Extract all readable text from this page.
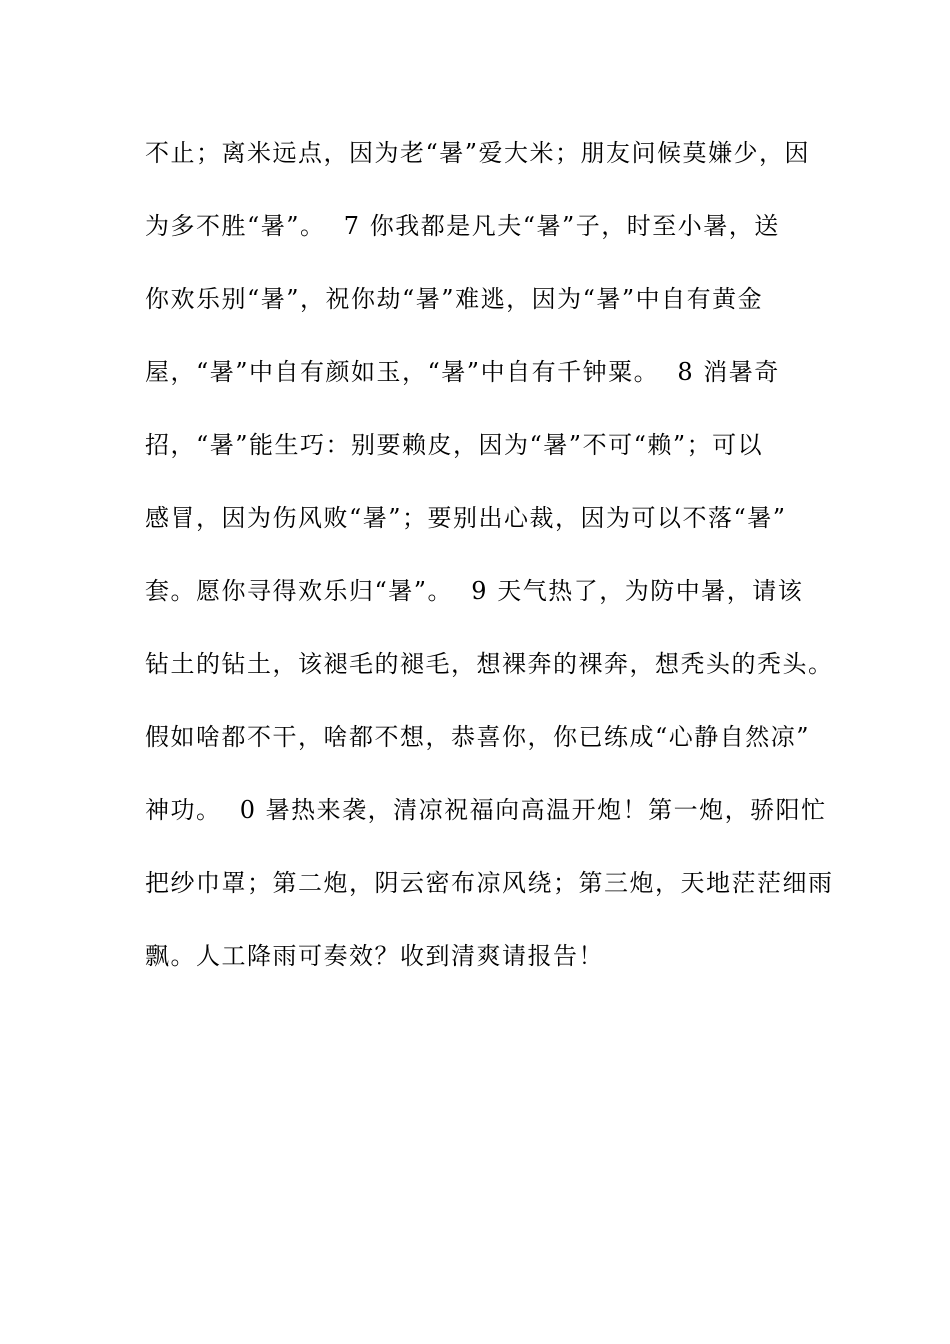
不止；离米远点，因为老“暑”爱大米；朋友问候莫嫌少，因
为多不胜“暑”。  7 你我都是凡夫“暑”子，时至小暑，送
你欢乐别“暑”，祝你劫“暑”难逃，因为“暑”中自有黄金
屋，“暑”中自有颜如玉，“暑”中自有千钟粟。  8 消暑奇
招，“暑”能生巧：别要赖皮，因为“暑”不可“赖”；可以
感冒，因为伤风败“暑”；要别出心裁，因为可以不落“暑”
套。愿你寻得欢乐归“暑”。  9 天气热了，为防中暑，请该
钻土的钻土，该褪毛的褪毛，想裸奔的裸奔，想秃头的秃头。
假如啥都不干，啥都不想，恭喜你，你已练成“心静自然凉”
神功。  0 暑热来袭，清凉祝福向高温开炮！第一炮，骄阳忙
把纱巾罩；第二炮，阴云密布凉风绕；第三炮，天地茫茫细雨
飘。人工降雨可奏效？收到清爽请报告！
